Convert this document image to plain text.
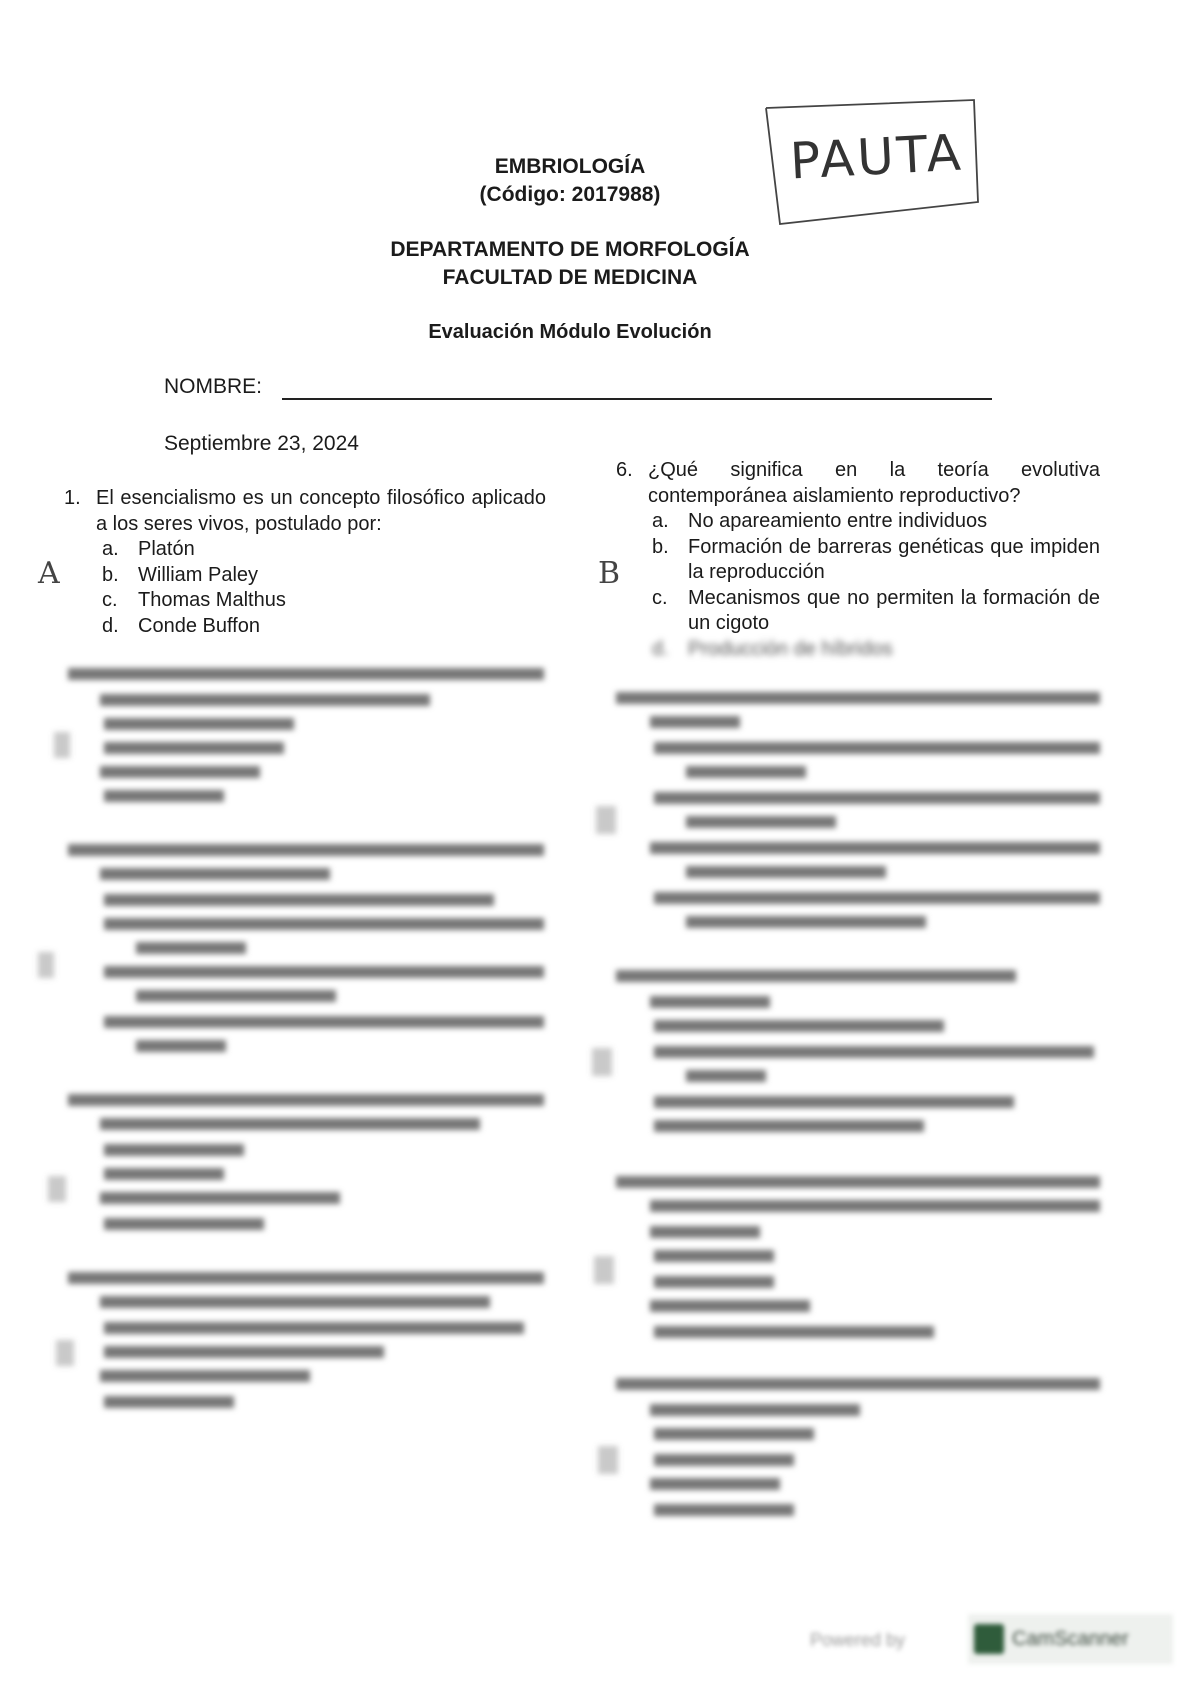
EMBRIOLOGÍA
(Código: 2017988)
DEPARTAMENTO DE MORFOLOGÍA
FACULTAD DE MEDICINA
Evaluación Módulo Evolución
PAUTA
NOMBRE:
Septiembre 23, 2024
1. El esencialismo es un concepto filosófico aplicado a los seres vivos, postulado por:
a. Platón
b. William Paley
c.	Thomas Malthus
d. Conde Buffon
A
6. ¿Qué significa en la teoría evolutiva contemporánea aislamiento reproductivo?
a. No apareamiento entre individuos
b. Formación de barreras genéticas que impiden la reproducción
c.	Mecanismos que no permiten la formación de un cigoto
d. Producción de híbridos
B
Powered by	CamScanner
